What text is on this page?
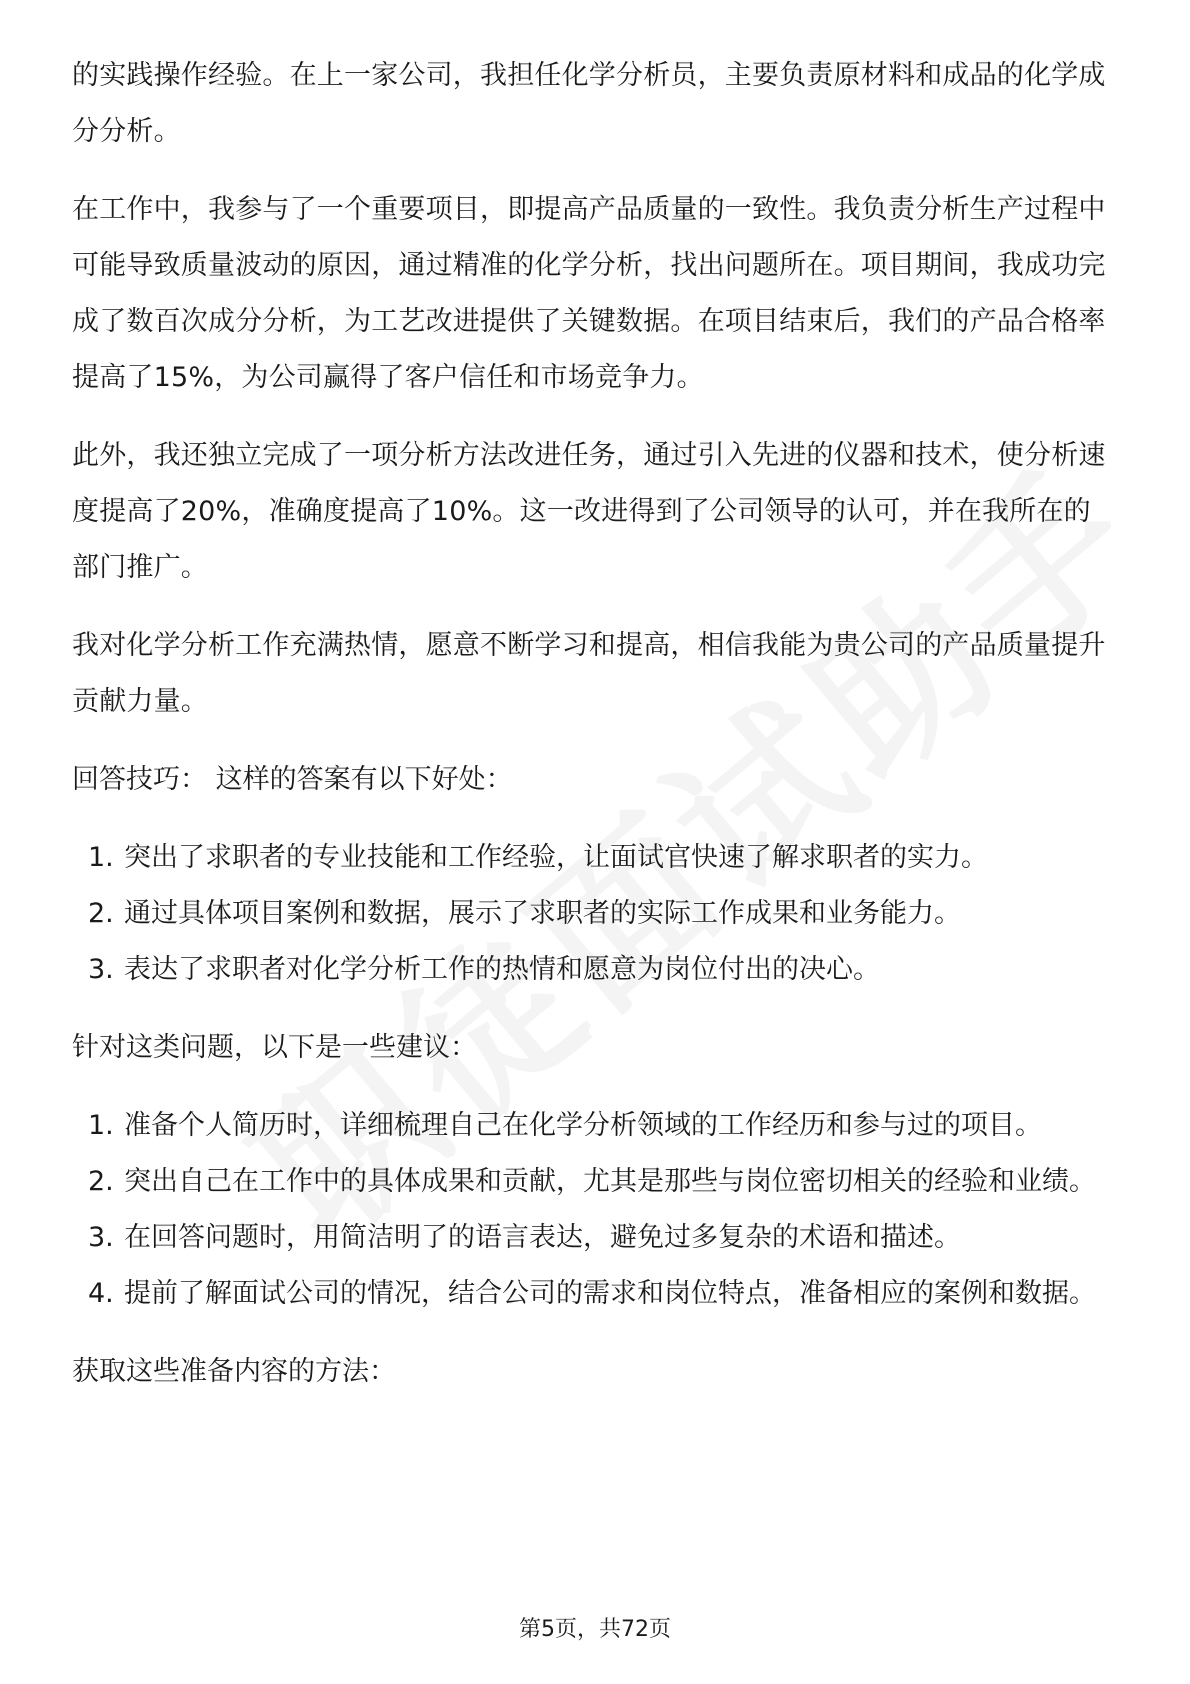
的实践操作经验。在上一家公司，我担任化学分析员，主要负责原材料和成品的化学成分分析。

在工作中，我参与了一个重要项目，即提高产品质量的一致性。我负责分析生产过程中可能导致质量波动的原因，通过精准的化学分析，找出问题所在。项目期间，我成功完成了数百次成分分析，为工艺改进提供了关键数据。在项目结束后，我们的产品合格率提高了15%，为公司赢得了客户信任和市场竞争力。

此外，我还独立完成了一项分析方法改进任务，通过引入先进的仪器和技术，使分析速度提高了20%，准确度提高了10%。这一改进得到了公司领导的认可，并在我所在的部门推广。

我对化学分析工作充满热情，愿意不断学习和提高，相信我能为贵公司的产品质量提升贡献力量。

回答技巧： 这样的答案有以下好处：

1. 突出了求职者的专业技能和工作经验，让面试官快速了解求职者的实力。
2. 通过具体项目案例和数据，展示了求职者的实际工作成果和业务能力。
3. 表达了求职者对化学分析工作的热情和愿意为岗位付出的决心。

针对这类问题，以下是一些建议：

1. 准备个人简历时，详细梳理自己在化学分析领域的工作经历和参与过的项目。
2. 突出自己在工作中的具体成果和贡献，尤其是那些与岗位密切相关的经验和业绩。
3. 在回答问题时，用简洁明了的语言表达，避免过多复杂的术语和描述。
4. 提前了解面试公司的情况，结合公司的需求和岗位特点，准备相应的案例和数据。

获取这些准备内容的方法：

第5页，共72页
